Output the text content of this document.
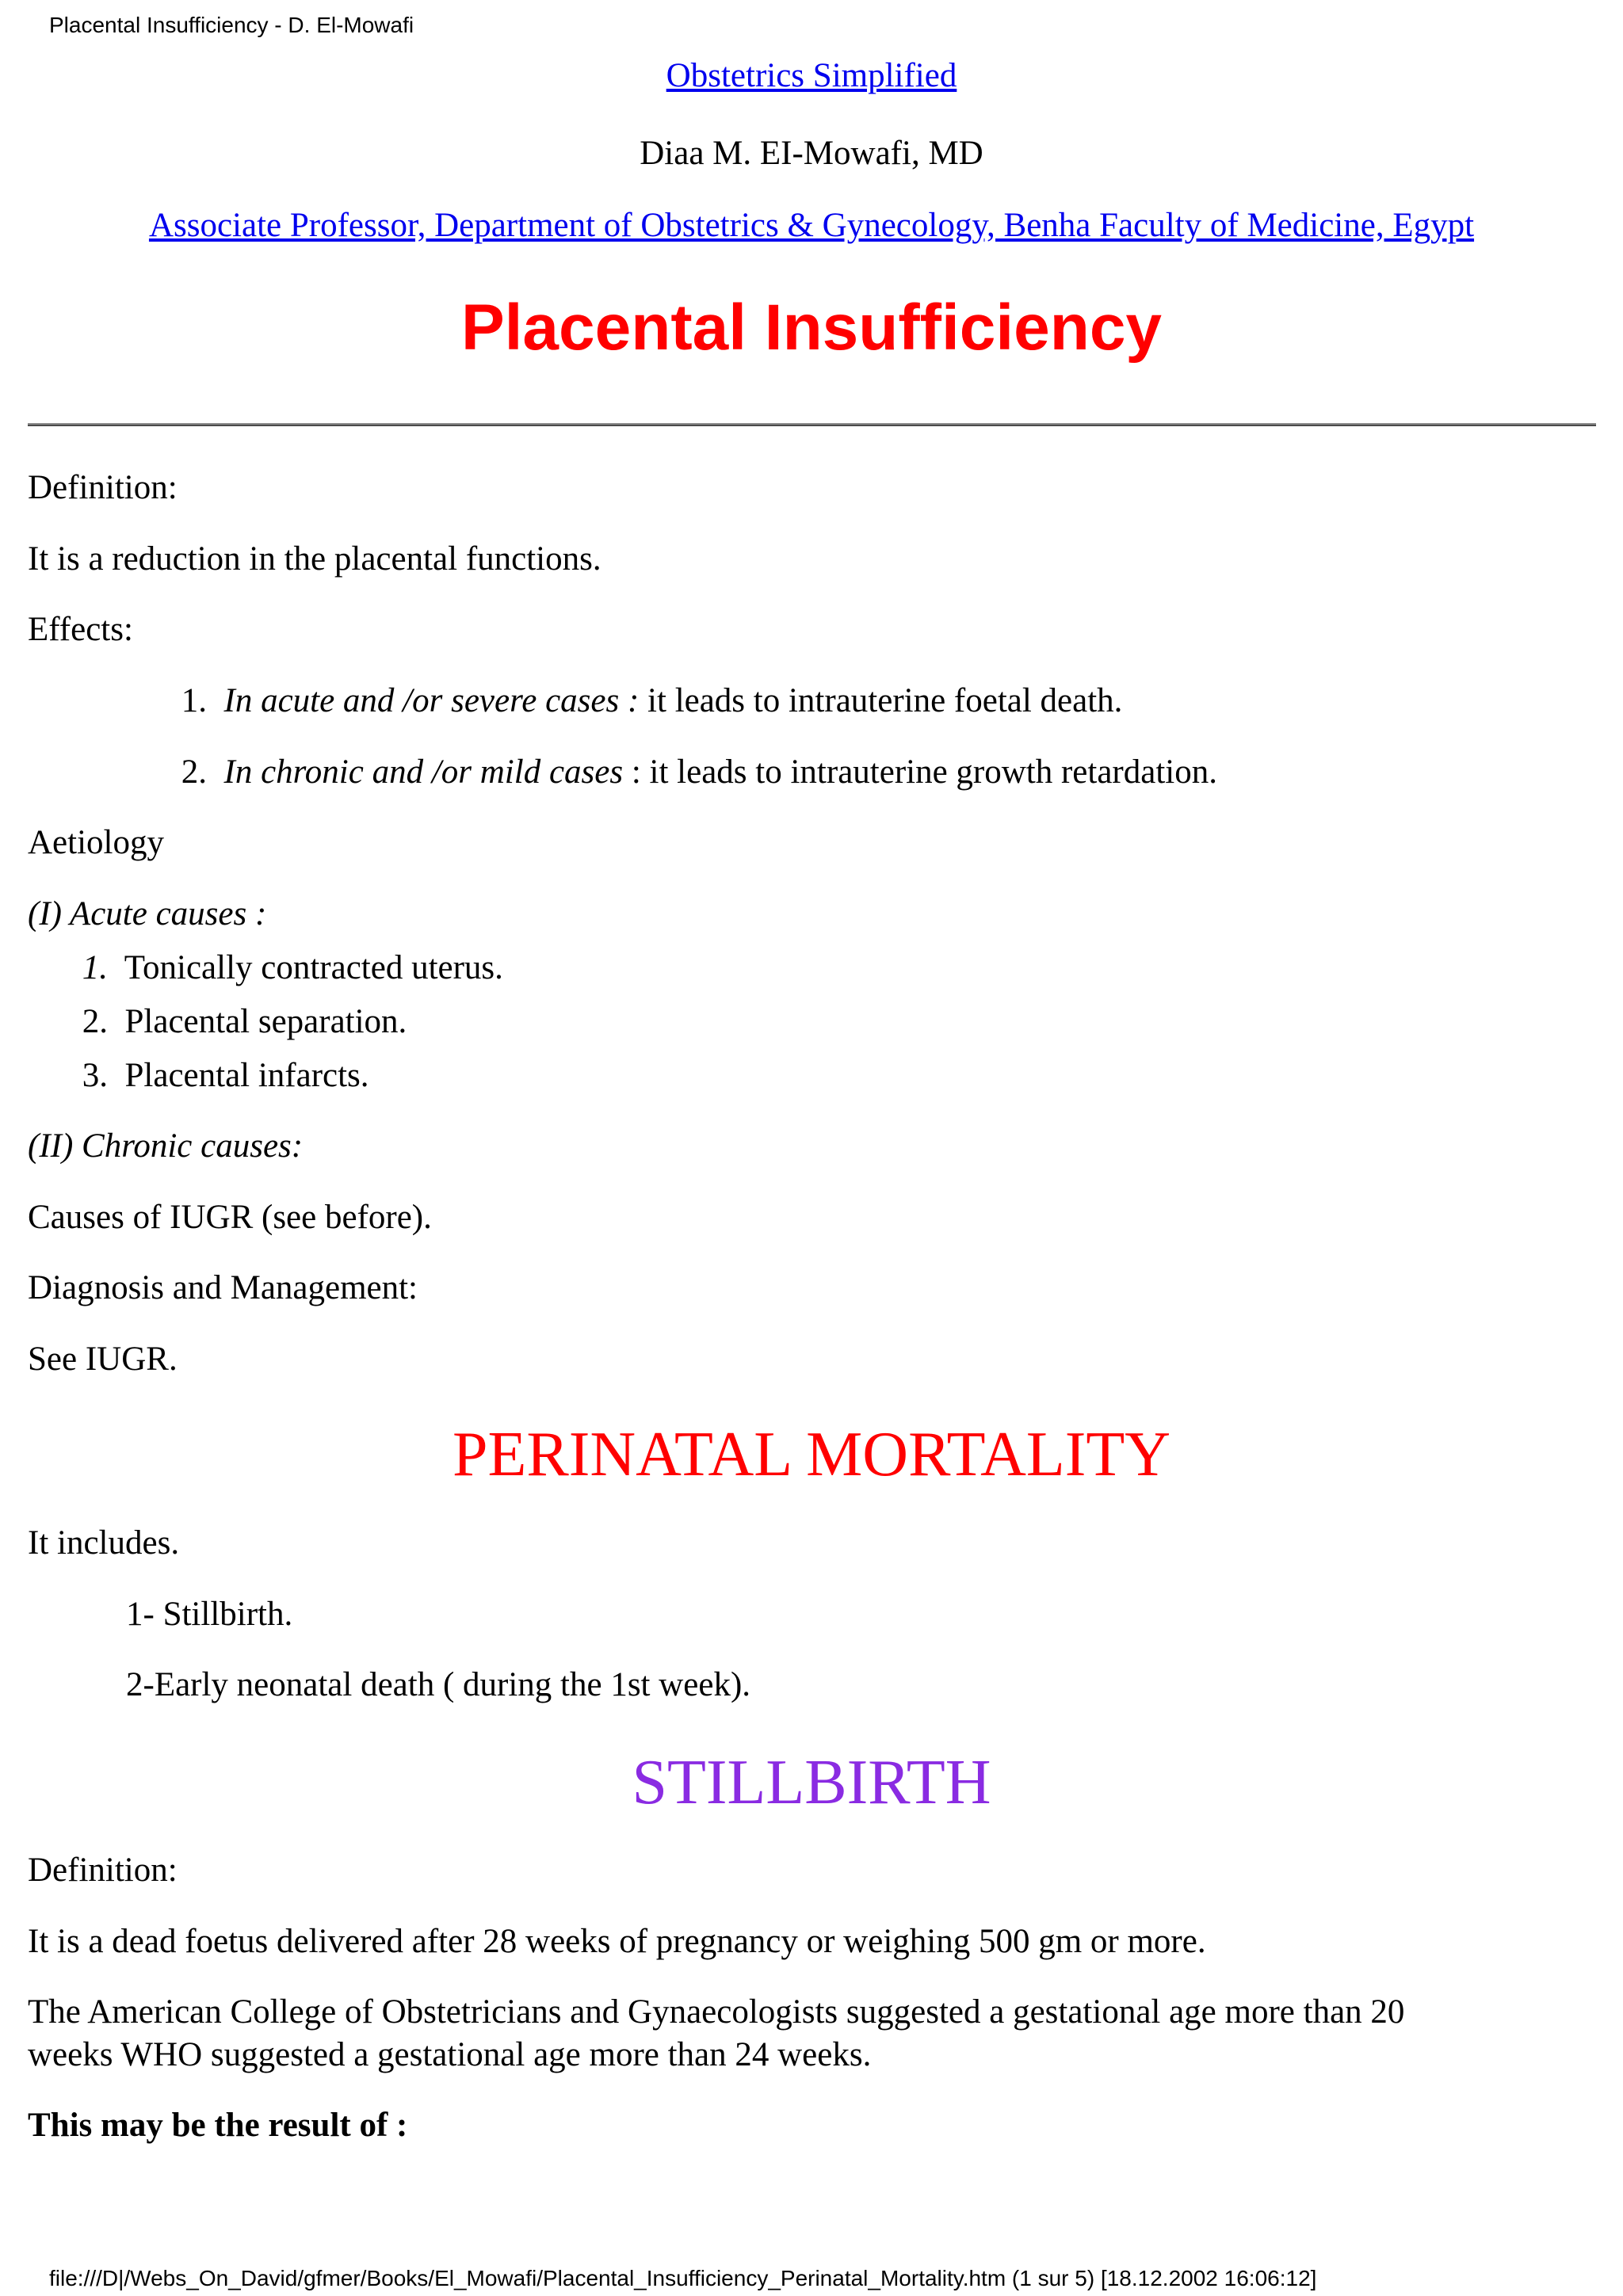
Placental Insufficiency - D. El-Mowafi
Obstetrics Simplified
Diaa M. EI-Mowafi, MD
Associate Professor, Department of Obstetrics & Gynecology, Benha Faculty of Medicine, Egypt
Placental Insufficiency
Definition:
It is a reduction in the placental functions.
Effects:
1. In acute and /or severe cases : it leads to intrauterine foetal death.
2. In chronic and /or mild cases : it leads to intrauterine growth retardation.
Aetiology
(I) Acute causes :
1. Tonically contracted uterus.
2. Placental separation.
3. Placental infarcts.
(II) Chronic causes:
Causes of IUGR (see before).
Diagnosis and Management:
See IUGR.
PERINATAL MORTALITY
It includes.
1- Stillbirth.
2-Early neonatal death ( during the 1st week).
STILLBIRTH
Definition:
It is a dead foetus delivered after 28 weeks of pregnancy or weighing 500 gm or more.
The American College of Obstetricians and Gynaecologists suggested a gestational age more than 20
weeks WHO suggested a gestational age more than 24 weeks.
This may be the result of :
file:///D|/Webs_On_David/gfmer/Books/El_Mowafi/Placental_Insufficiency_Perinatal_Mortality.htm (1 sur 5) [18.12.2002 16:06:12]
